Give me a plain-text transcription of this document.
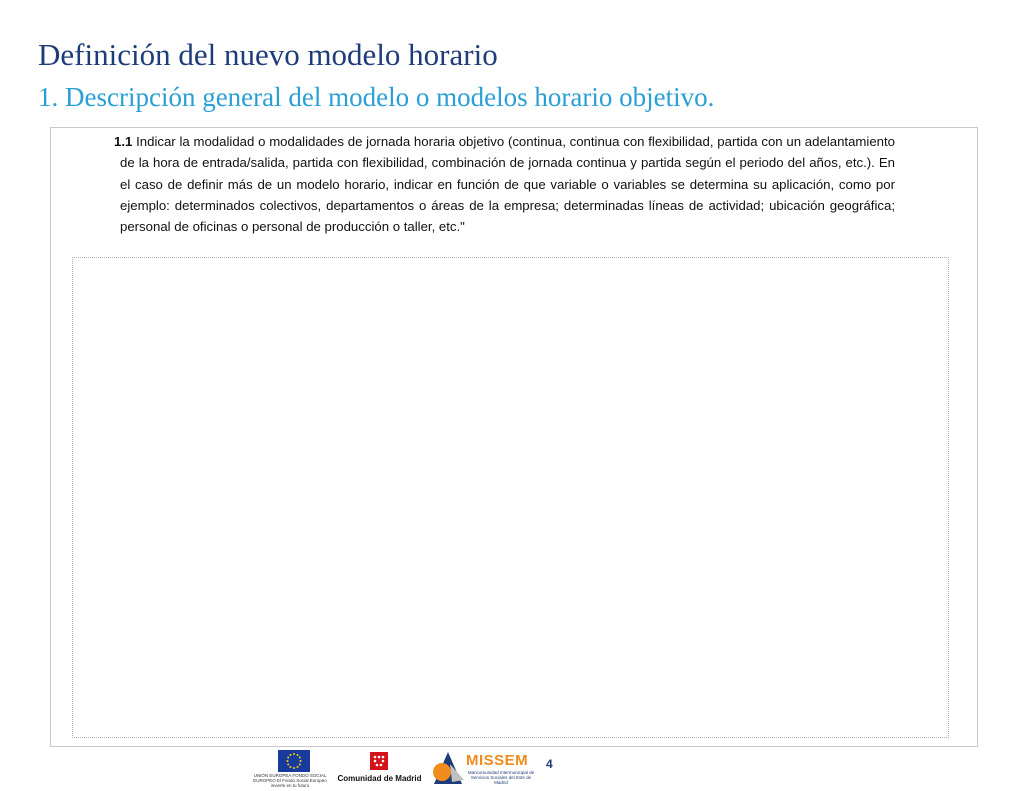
Definición del nuevo modelo horario
1. Descripción general del modelo o modelos horario objetivo.
1.1 Indicar la modalidad o modalidades de jornada horaria objetivo (continua, continua con flexibilidad, partida con un adelantamiento de la hora de entrada/salida, partida con flexibilidad, combinación de jornada continua y partida según el periodo del años, etc.). En el caso de definir más de un modelo horario, indicar en función de que variable o variables se determina su aplicación, como por ejemplo: determinados colectivos, departamentos o áreas de la empresa; determinadas líneas de actividad; ubicación geográfica; personal de oficinas o personal de producción o taller, etc."
UNIÓN EUROPEA FONDO SOCIAL EUROPEO El Fondo Social Europeo invierte en tu futuro
Comunidad de Madrid
MISSEM
Mancomunidad Intermunicipal de Servicios Sociales del Este de Madrid
4
